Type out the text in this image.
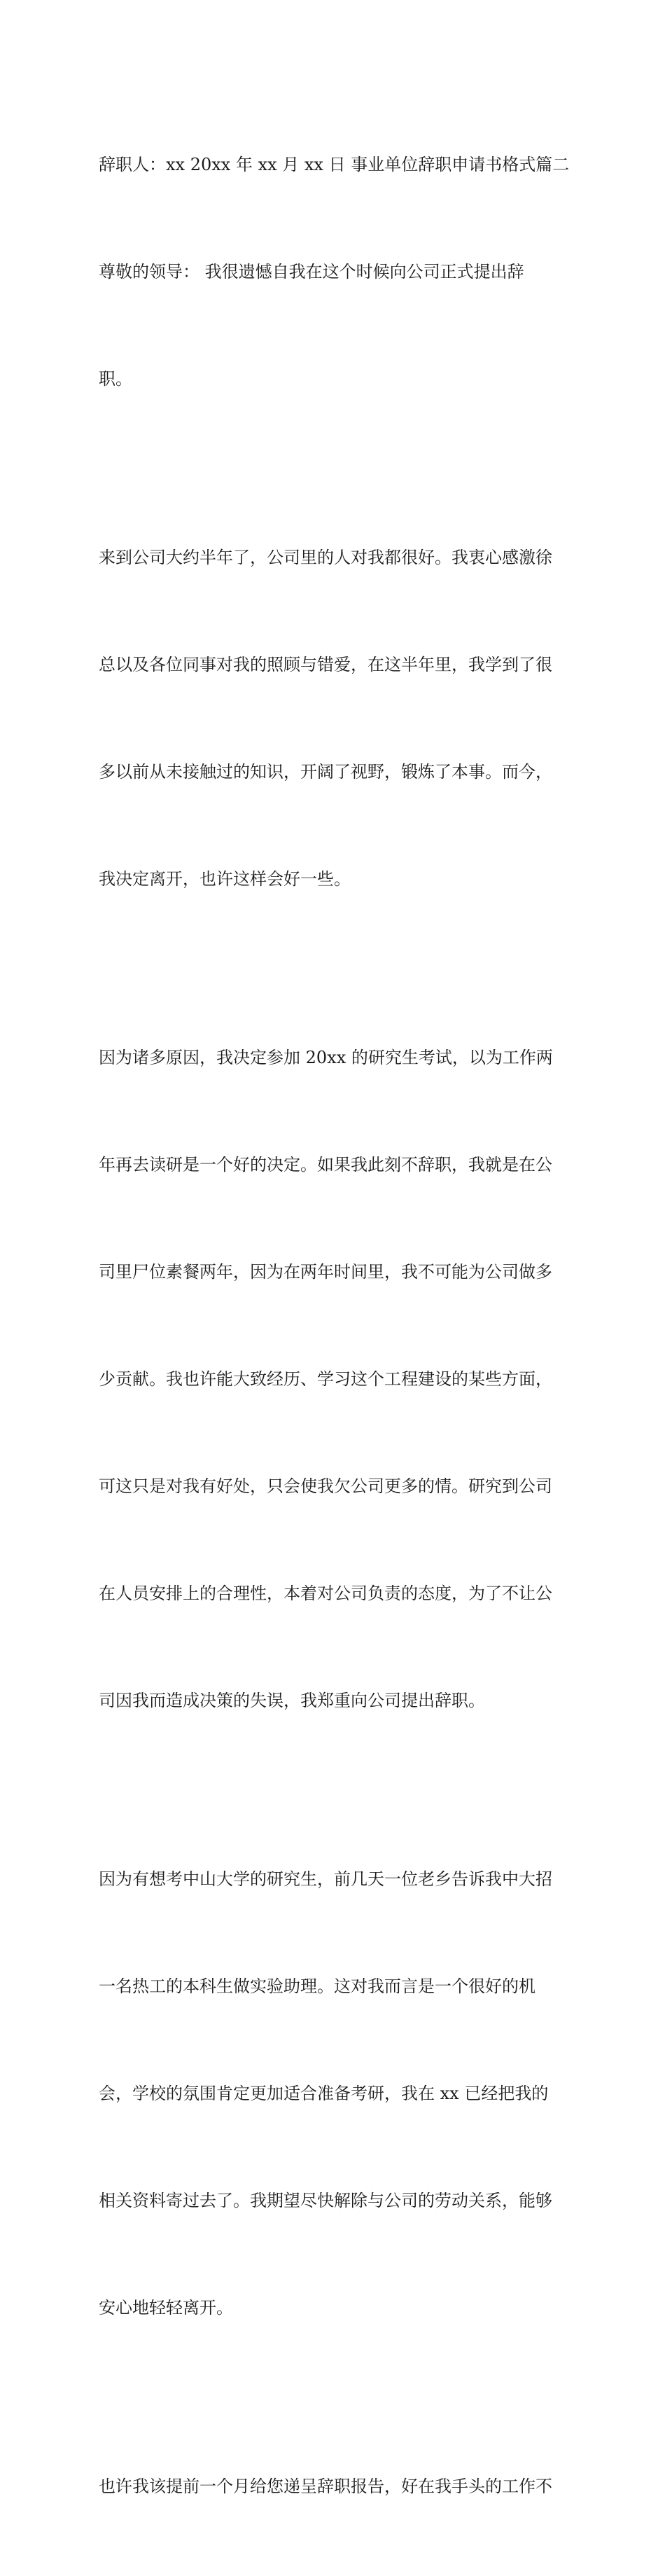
辞职人：xx 20xx 年 xx 月 xx 日 事业单位辞职申请书格式篇二

尊敬的领导： 我很遗憾自我在这个时候向公司正式提出辞

职。

来到公司大约半年了，公司里的人对我都很好。我衷心感激徐

总以及各位同事对我的照顾与错爱，在这半年里，我学到了很

多以前从未接触过的知识，开阔了视野，锻炼了本事。而今，

我决定离开，也许这样会好一些。

因为诸多原因，我决定参加 20xx 的研究生考试，以为工作两

年再去读研是一个好的决定。如果我此刻不辞职，我就是在公

司里尸位素餐两年，因为在两年时间里，我不可能为公司做多

少贡献。我也许能大致经历、学习这个工程建设的某些方面，

可这只是对我有好处，只会使我欠公司更多的情。研究到公司

在人员安排上的合理性，本着对公司负责的态度，为了不让公

司因我而造成决策的失误，我郑重向公司提出辞职。

因为有想考中山大学的研究生，前几天一位老乡告诉我中大招

一名热工的本科生做实验助理。这对我而言是一个很好的机

会，学校的氛围肯定更加适合准备考研，我在 xx 已经把我的

相关资料寄过去了。我期望尽快解除与公司的劳动关系，能够

安心地轻轻离开。

也许我该提前一个月给您递呈辞职报告，好在我手头的工作不
